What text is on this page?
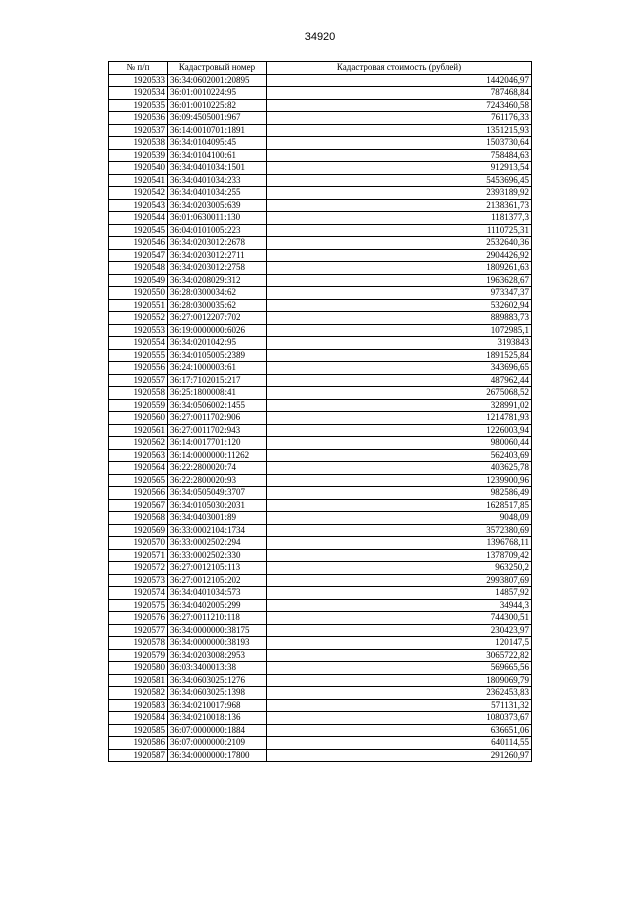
34920
№ п/п	Кадастровый номер	Кадастровая стоимость (рублей)
1920533	36:34:0602001:20895	1442046,97
1920534	36:01:0010224:95	787468,84
1920535	36:01:0010225:82	7243460,58
1920536	36:09:4505001:967	761176,33
1920537	36:14:0010701:1891	1351215,93
1920538	36:34:0104095:45	1503730,64
1920539	36:34:0104100:61	758484,63
1920540	36:34:0401034:1501	912913,54
1920541	36:34:0401034:233	5453696,45
1920542	36:34:0401034:255	2393189,92
1920543	36:34:0203005:639	2138361,73
1920544	36:01:0630011:130	1181377,3
1920545	36:04:0101005:223	1110725,31
1920546	36:34:0203012:2678	2532640,36
1920547	36:34:0203012:2711	2904426,92
1920548	36:34:0203012:2758	1809261,63
1920549	36:34:0208029:312	1963628,67
1920550	36:28:0300034:62	973347,37
1920551	36:28:0300035:62	532602,94
1920552	36:27:0012207:702	889883,73
1920553	36:19:0000000:6026	1072985,1
1920554	36:34:0201042:95	3193843
1920555	36:34:0105005:2389	1891525,84
1920556	36:24:1000003:61	343696,65
1920557	36:17:7102015:217	487962,44
1920558	36:25:1800008:41	2675068,52
1920559	36:34:0506002:1455	328991,02
1920560	36:27:0011702:906	1214781,93
1920561	36:27:0011702:943	1226003,94
1920562	36:14:0017701:120	980060,44
1920563	36:14:0000000:11262	562403,69
1920564	36:22:2800020:74	403625,78
1920565	36:22:2800020:93	1239900,96
1920566	36:34:0505049:3707	982586,49
1920567	36:34:0105030:2031	1628517,85
1920568	36:34:0403001:89	9048,09
1920569	36:33:0002104:1734	3572380,69
1920570	36:33:0002502:294	1396768,11
1920571	36:33:0002502:330	1378709,42
1920572	36:27:0012105:113	963250,2
1920573	36:27:0012105:202	2993807,69
1920574	36:34:0401034:573	14857,92
1920575	36:34:0402005:299	34944,3
1920576	36:27:0011210:118	744300,51
1920577	36:34:0000000:38175	230423,97
1920578	36:34:0000000:38193	120147,5
1920579	36:34:0203008:2953	3065722,82
1920580	36:03:3400013:38	569665,56
1920581	36:34:0603025:1276	1809069,79
1920582	36:34:0603025:1398	2362453,83
1920583	36:34:0210017:968	571131,32
1920584	36:34:0210018:136	1080373,67
1920585	36:07:0000000:1884	636651,06
1920586	36:07:0000000:2109	640114,55
1920587	36:34:0000000:17800	291260,97
